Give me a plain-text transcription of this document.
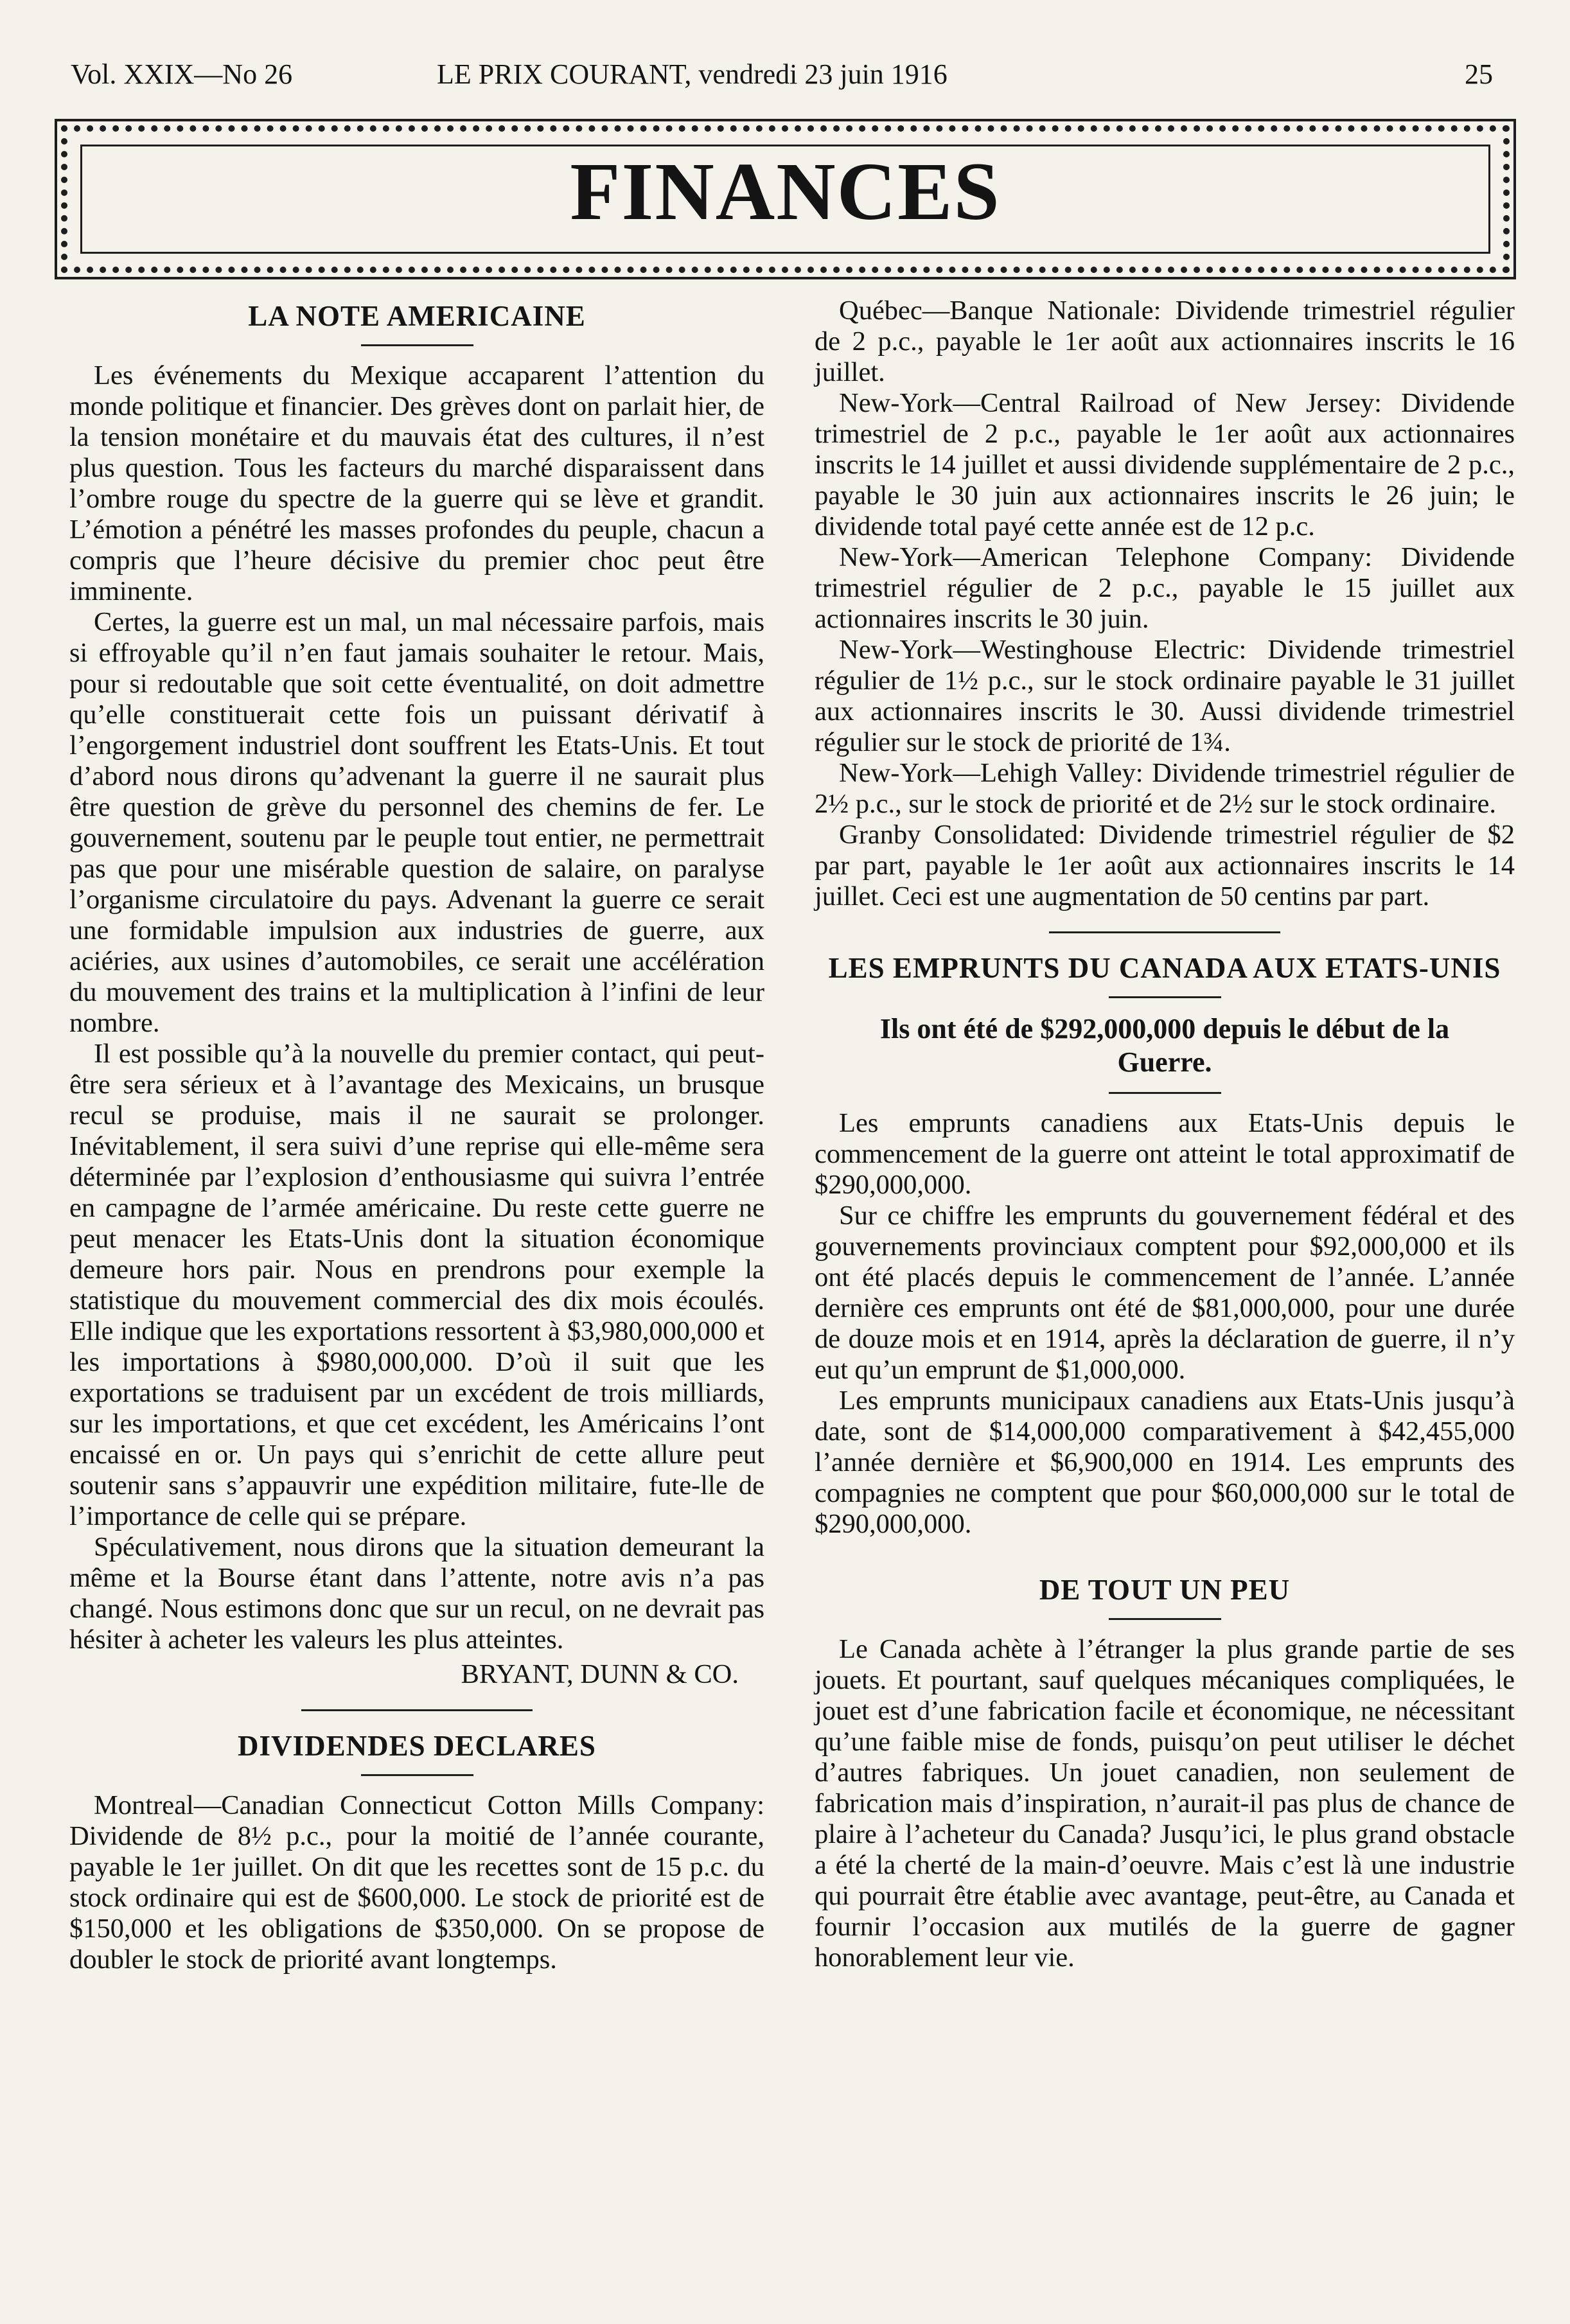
Vol. XXIX—No 26	LE PRIX COURANT, vendredi 23 juin 1916	25
FINANCES
LA NOTE AMERICAINE

Les événements du Mexique accaparent l’attention du monde politique et financier. Des grèves dont on parlait hier, de la tension monétaire et du mauvais état des cultures, il n’est plus question. Tous les facteurs du marché disparaissent dans l’ombre rouge du spectre de la guerre qui se lève et grandit. L’émotion a pénétré les masses profondes du peuple, chacun a compris que l’heure décisive du premier choc peut être imminente.

Certes, la guerre est un mal, un mal nécessaire parfois, mais si effroyable qu’il n’en faut jamais souhaiter le retour. Mais, pour si redoutable que soit cette éventualité, on doit admettre qu’elle constituerait cette fois un puissant dérivatif à l’engorgement industriel dont souffrent les Etats-Unis. Et tout d’abord nous dirons qu’advenant la guerre il ne saurait plus être question de grève du personnel des chemins de fer. Le gouvernement, soutenu par le peuple tout entier, ne permettrait pas que pour une misérable question de salaire, on paralyse l’organisme circulatoire du pays. Advenant la guerre ce serait une formidable impulsion aux industries de guerre, aux aciéries, aux usines d’automobiles, ce serait une accélération du mouvement des trains et la multiplication à l’infini de leur nombre.

Il est possible qu’à la nouvelle du premier contact, qui peut-être sera sérieux et à l’avantage des Mexicains, un brusque recul se produise, mais il ne saurait se prolonger. Inévitablement, il sera suivi d’une reprise qui elle-même sera déterminée par l’explosion d’enthousiasme qui suivra l’entrée en campagne de l’armée américaine. Du reste cette guerre ne peut menacer les Etats-Unis dont la situation économique demeure hors pair. Nous en prendrons pour exemple la statistique du mouvement commercial des dix mois écoulés. Elle indique que les exportations ressortent à $3,980,000,000 et les importations à $980,000,000. D’où il suit que les exportations se traduisent par un excédent de trois milliards, sur les importations, et que cet excédent, les Américains l’ont encaissé en or. Un pays qui s’enrichit de cette allure peut soutenir sans s’appauvrir une expédition militaire, fute-lle de l’importance de celle qui se prépare.

Spéculativement, nous dirons que la situation demeurant la même et la Bourse étant dans l’attente, notre avis n’a pas changé. Nous estimons donc que sur un recul, on ne devrait pas hésiter à acheter les valeurs les plus atteintes.

BRYANT, DUNN & CO.
DIVIDENDES DECLARES

Montreal—Canadian Connecticut Cotton Mills Company: Dividende de 8½ p.c., pour la moitié de l’année courante, payable le 1er juillet. On dit que les recettes sont de 15 p.c. du stock ordinaire qui est de $600,000. Le stock de priorité est de $150,000 et les obligations de $350,000. On se propose de doubler le stock de priorité avant longtemps.

Québec—Banque Nationale: Dividende trimestriel régulier de 2 p.c., payable le 1er août aux actionnaires inscrits le 16 juillet.

New-York—Central Railroad of New Jersey: Dividende trimestriel de 2 p.c., payable le 1er août aux actionnaires inscrits le 14 juillet et aussi dividende supplémentaire de 2 p.c., payable le 30 juin aux actionnaires inscrits le 26 juin; le dividende total payé cette année est de 12 p.c.

New-York—American Telephone Company: Dividende trimestriel régulier de 2 p.c., payable le 15 juillet aux actionnaires inscrits le 30 juin.

New-York—Westinghouse Electric: Dividende trimestriel régulier de 1½ p.c., sur le stock ordinaire payable le 31 juillet aux actionnaires inscrits le 30. Aussi dividende trimestriel régulier sur le stock de priorité de 1¾.

New-York—Lehigh Valley: Dividende trimestriel régulier de 2½ p.c., sur le stock de priorité et de 2½ sur le stock ordinaire.

Granby Consolidated: Dividende trimestriel régulier de $2 par part, payable le 1er août aux actionnaires inscrits le 14 juillet. Ceci est une augmentation de 50 centins par part.

LES EMPRUNTS DU CANADA AUX ETATS-UNIS
Ils ont été de $292,000,000 depuis le début de la Guerre.

Les emprunts canadiens aux Etats-Unis depuis le commencement de la guerre ont atteint le total approximatif de $290,000,000.

Sur ce chiffre les emprunts du gouvernement fédéral et des gouvernements provinciaux comptent pour $92,000,000 et ils ont été placés depuis le commencement de l’année. L’année dernière ces emprunts ont été de $81,000,000, pour une durée de douze mois et en 1914, après la déclaration de guerre, il n’y eut qu’un emprunt de $1,000,000.

Les emprunts municipaux canadiens aux Etats-Unis jusqu’à date, sont de $14,000,000 comparativement à $42,455,000 l’année dernière et $6,900,000 en 1914. Les emprunts des compagnies ne comptent que pour $60,000,000 sur le total de $290,000,000.

DE TOUT UN PEU

Le Canada achète à l’étranger la plus grande partie de ses jouets. Et pourtant, sauf quelques mécaniques compliquées, le jouet est d’une fabrication facile et économique, ne nécessitant qu’une faible mise de fonds, puisqu’on peut utiliser le déchet d’autres fabriques. Un jouet canadien, non seulement de fabrication mais d’inspiration, n’aurait-il pas plus de chance de plaire à l’acheteur du Canada? Jusqu’ici, le plus grand obstacle a été la cherté de la main-d’oeuvre. Mais c’est là une industrie qui pourrait être établie avec avantage, peut-être, au Canada et fournir l’occasion aux mutilés de la guerre de gagner honorablement leur vie.
